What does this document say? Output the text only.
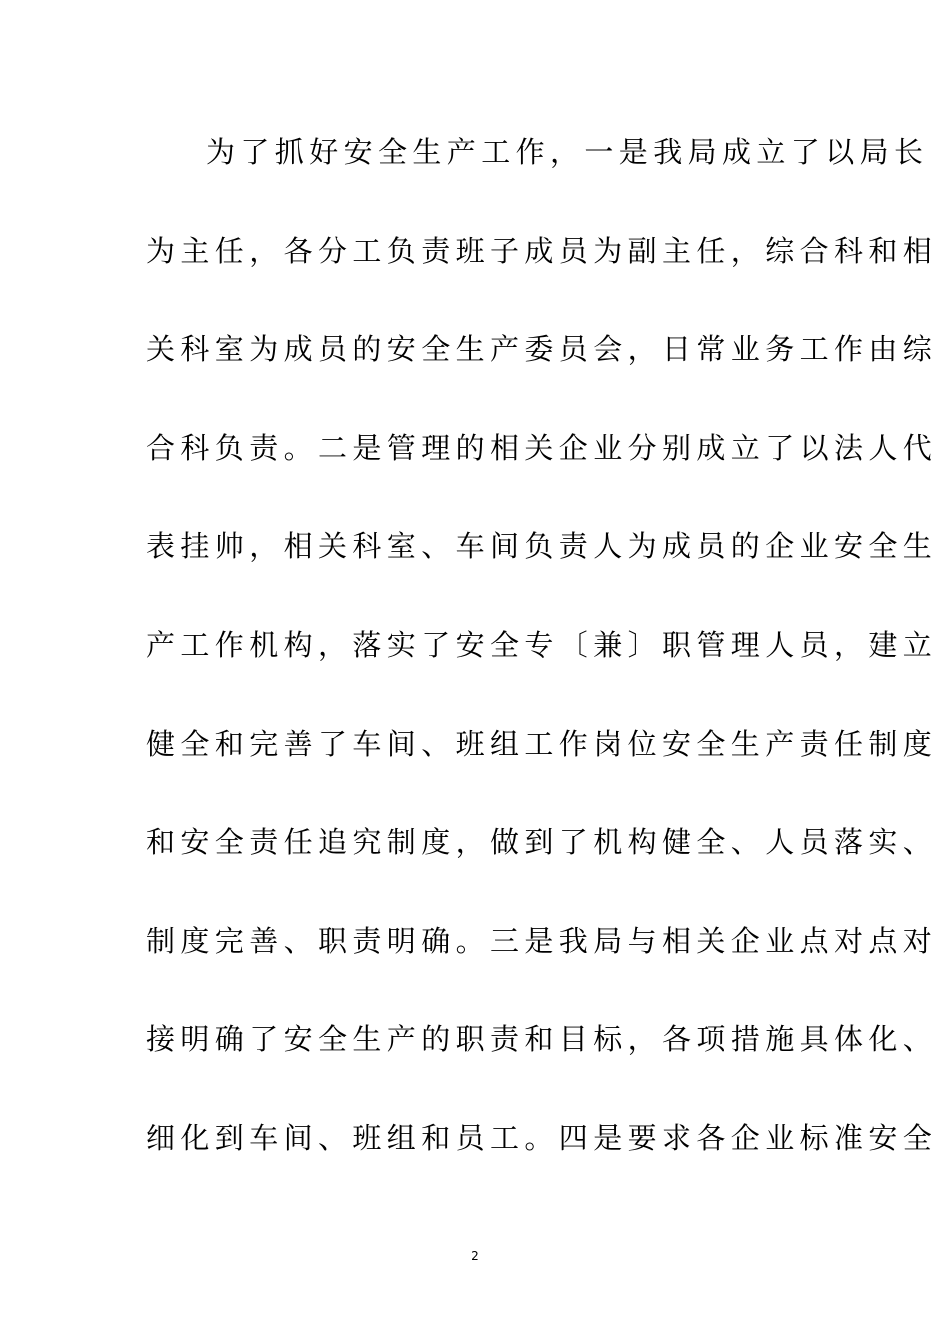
为了抓好安全生产工作，一是我局成立了以局长
为主任，各分工负责班子成员为副主任，综合科和相
关科室为成员的安全生产委员会，日常业务工作由综
合科负责。二是管理的相关企业分别成立了以法人代
表挂帅，相关科室、车间负责人为成员的企业安全生
产工作机构，落实了安全专〔兼〕职管理人员，建立
健全和完善了车间、班组工作岗位安全生产责任制度
和安全责任追究制度，做到了机构健全、人员落实、
制度完善、职责明确。三是我局与相关企业点对点对
接明确了安全生产的职责和目标，各项措施具体化、
细化到车间、班组和员工。四是要求各企业标准安全
2
